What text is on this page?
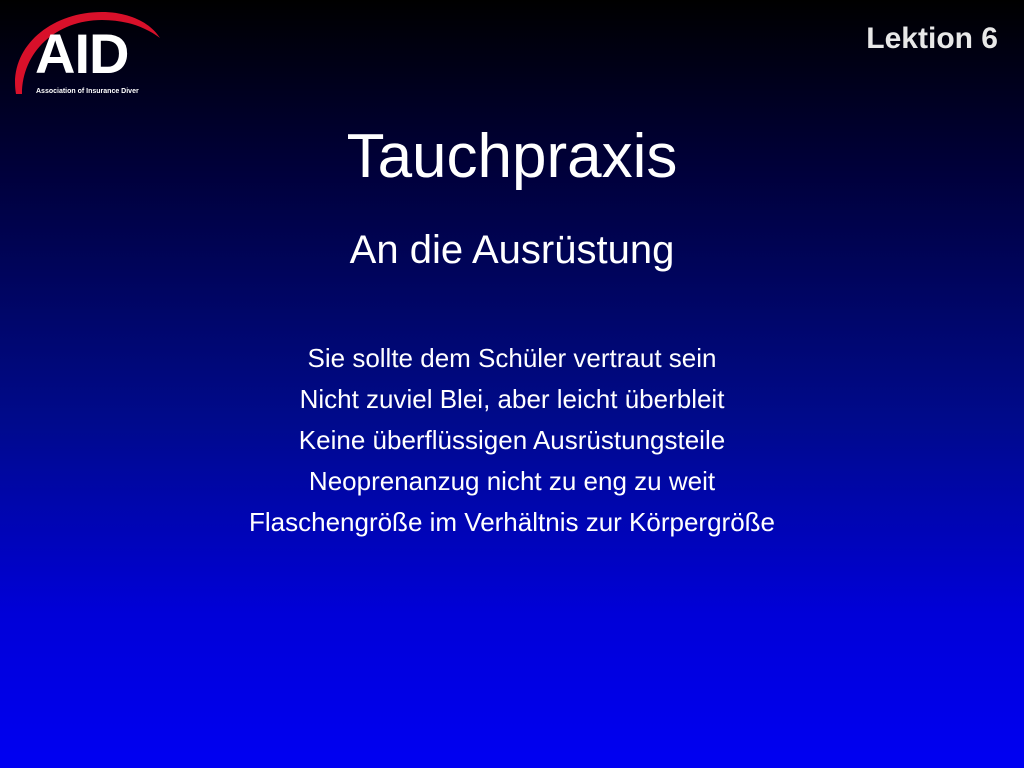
AID
Association of Insurance Diver
Lektion 6
Tauchpraxis
An die Ausrüstung
Sie sollte dem Schüler vertraut sein
Nicht zuviel Blei, aber leicht überbleit
Keine überflüssigen Ausrüstungsteile
Neoprenanzug nicht zu eng zu weit
Flaschengröße im Verhältnis zur Körpergröße
